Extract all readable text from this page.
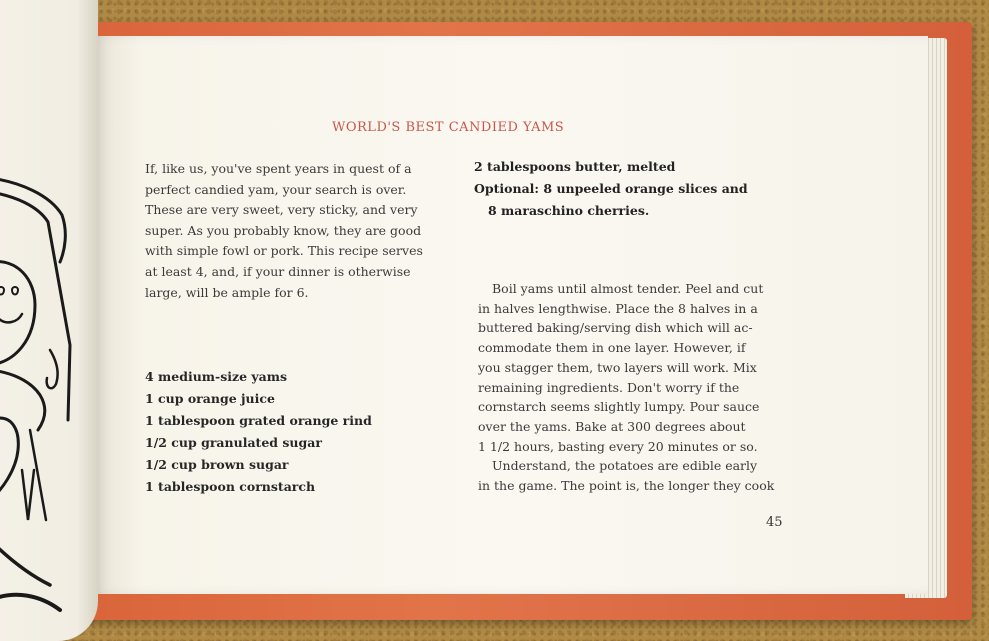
WORLD'S BEST CANDIED YAMS
If, like us, you've spent years in quest of a
perfect candied yam, your search is over.
These are very sweet, very sticky, and very
super. As you probably know, they are good
with simple fowl or pork. This recipe serves
at least 4, and, if your dinner is otherwise
large, will be ample for 6.
4 medium-size yams
1 cup orange juice
1 tablespoon grated orange rind
1/2 cup granulated sugar
1/2 cup brown sugar
1 tablespoon cornstarch
2 tablespoons butter, melted
Optional: 8 unpeeled orange slices and
8 maraschino cherries.
Boil yams until almost tender. Peel and cut
in halves lengthwise. Place the 8 halves in a
buttered baking/serving dish which will ac-
commodate them in one layer. However, if
you stagger them, two layers will work. Mix
remaining ingredients. Don't worry if the
cornstarch seems slightly lumpy. Pour sauce
over the yams. Bake at 300 degrees about
1 1/2 hours, basting every 20 minutes or so.
Understand, the potatoes are edible early
in the game. The point is, the longer they cook
45
